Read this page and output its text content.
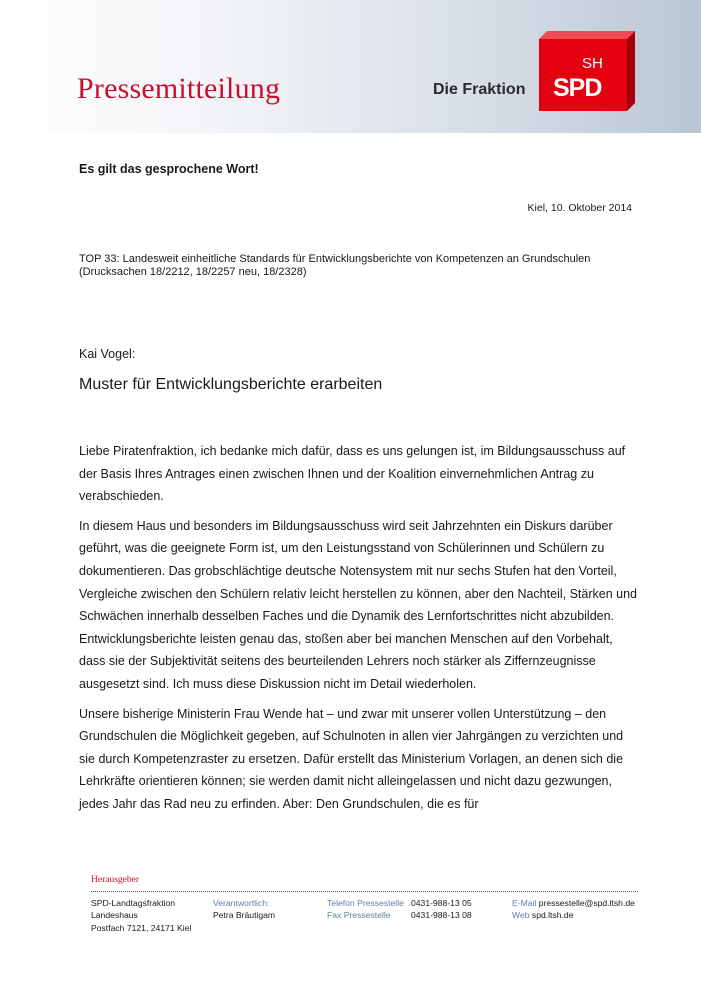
Pressemitteilung	Die Fraktion
SH
SPD
Es gilt das gesprochene Wort!
Kiel, 10. Oktober 2014
TOP 33: Landesweit einheitliche Standards für Entwicklungsberichte von Kompetenzen an Grundschulen
(Drucksachen 18/2212, 18/2257 neu, 18/2328)
Kai Vogel:
Muster für Entwicklungsberichte erarbeiten

Liebe Piratenfraktion, ich bedanke mich dafür, dass es uns gelungen ist, im Bildungsausschuss auf der Basis Ihres Antrages einen zwischen Ihnen und der Koalition einvernehmlichen Antrag zu verabschieden.

In diesem Haus und besonders im Bildungsausschuss wird seit Jahrzehnten ein Diskurs darüber geführt, was die geeignete Form ist, um den Leistungsstand von Schülerinnen und Schülern zu dokumentieren. Das grobschlächtige deutsche Notensystem mit nur sechs Stufen hat den Vorteil, Vergleiche zwischen den Schülern relativ leicht herstellen zu können, aber den Nachteil, Stärken und Schwächen innerhalb desselben Faches und die Dynamik des Lernfortschrittes nicht abzubilden. Entwicklungsberichte leisten genau das, stoßen aber bei manchen Menschen auf den Vorbehalt, dass sie der Subjektivität seitens des beurteilenden Lehrers noch stärker als Ziffernzeugnisse ausgesetzt sind. Ich muss diese Diskussion nicht im Detail wiederholen.

Unsere bisherige Ministerin Frau Wende hat – und zwar mit unserer vollen Unterstützung – den Grundschulen die Möglichkeit gegeben, auf Schulnoten in allen vier Jahrgängen zu verzichten und sie durch Kompetenzraster zu ersetzen. Dafür erstellt das Ministerium Vorlagen, an denen sich die Lehrkräfte orientieren können; sie werden damit nicht alleingelassen und nicht dazu gezwungen, jedes Jahr das Rad neu zu erfinden. Aber: Den Grundschulen, die es für

Herausgeber
SPD-Landtagsfraktion
Landeshaus
Postfach 7121, 24171 Kiel
Verantwortlich:
Petra Bräutigam
Telefon Pressestelle
Fax Pressestelle
0431-988-13 05
0431-988-13 08
E-Mail pressestelle@spd.ltsh.de
Web spd.ltsh.de
